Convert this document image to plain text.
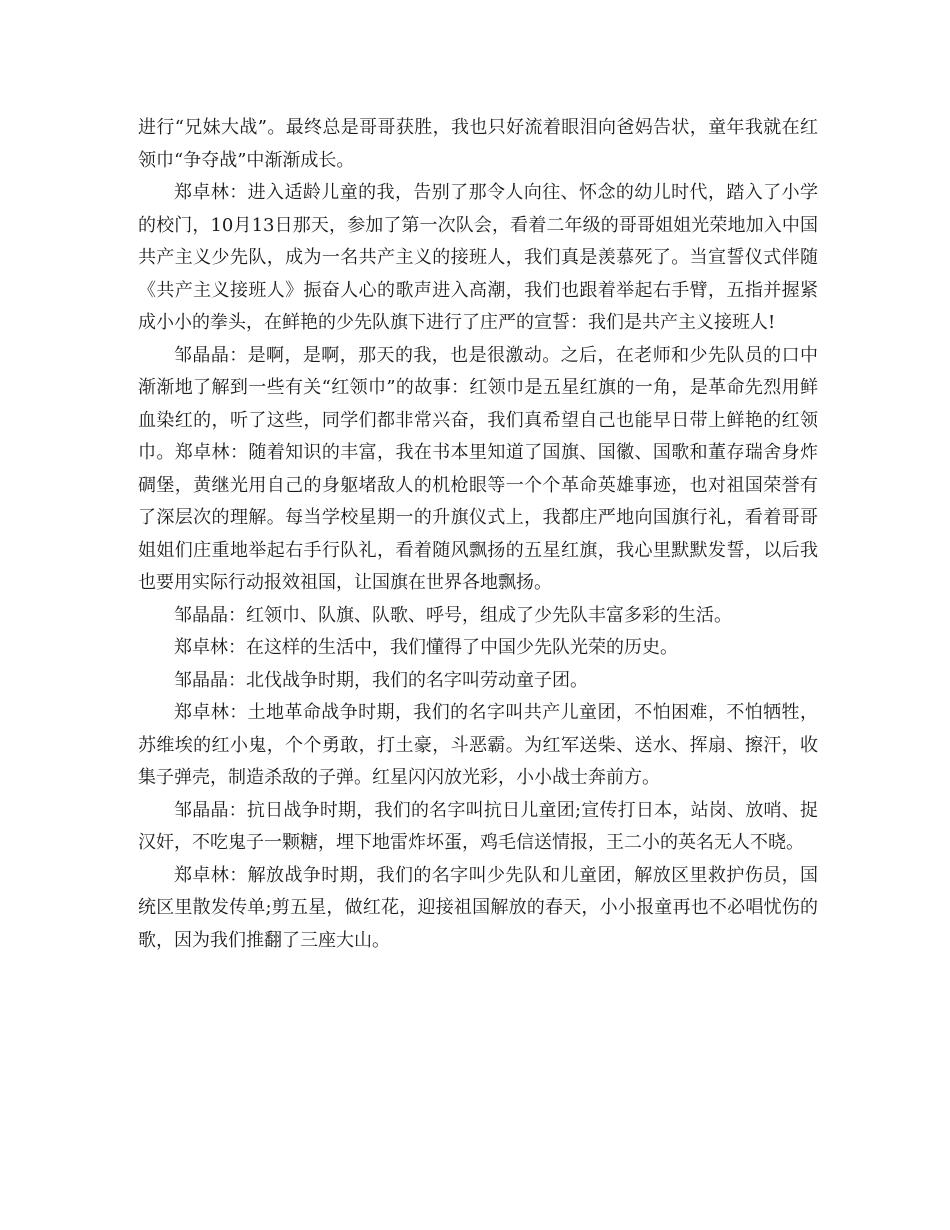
进行“兄妹大战”。最终总是哥哥获胜，我也只好流着眼泪向爸妈告状，童年我就在红领巾“争夺战”中渐渐成长。

郑卓林：进入适龄儿童的我，告别了那令人向往、怀念的幼儿时代，踏入了小学的校门，10月13日那天，参加了第一次队会，看着二年级的哥哥姐姐光荣地加入中国共产主义少先队，成为一名共产主义的接班人，我们真是羡慕死了。当宣誓仪式伴随《共产主义接班人》振奋人心的歌声进入高潮，我们也跟着举起右手臂，五指并握紧成小小的拳头，在鲜艳的少先队旗下进行了庄严的宣誓：我们是共产主义接班人!

邹晶晶：是啊，是啊，那天的我，也是很激动。之后，在老师和少先队员的口中渐渐地了解到一些有关“红领巾”的故事：红领巾是五星红旗的一角，是革命先烈用鲜血染红的，听了这些，同学们都非常兴奋，我们真希望自己也能早日带上鲜艳的红领巾。郑卓林：随着知识的丰富，我在书本里知道了国旗、国徽、国歌和董存瑞舍身炸碉堡，黄继光用自己的身躯堵敌人的机枪眼等一个个革命英雄事迹，也对祖国荣誉有了深层次的理解。每当学校星期一的升旗仪式上，我都庄严地向国旗行礼，看着哥哥姐姐们庄重地举起右手行队礼，看着随风飘扬的五星红旗，我心里默默发誓，以后我也要用实际行动报效祖国，让国旗在世界各地飘扬。

邹晶晶：红领巾、队旗、队歌、呼号，组成了少先队丰富多彩的生活。

郑卓林：在这样的生活中，我们懂得了中国少先队光荣的历史。

邹晶晶：北伐战争时期，我们的名字叫劳动童子团。

郑卓林：土地革命战争时期，我们的名字叫共产儿童团，不怕困难，不怕牺牲，苏维埃的红小鬼，个个勇敢，打土豪，斗恶霸。为红军送柴、送水、挥扇、擦汗，收集子弹壳，制造杀敌的子弹。红星闪闪放光彩，小小战士奔前方。

邹晶晶：抗日战争时期，我们的名字叫抗日儿童团;宣传打日本，站岗、放哨、捉汉奸，不吃鬼子一颗糖，埋下地雷炸坏蛋，鸡毛信送情报，王二小的英名无人不晓。

郑卓林：解放战争时期，我们的名字叫少先队和儿童团，解放区里救护伤员，国统区里散发传单;剪五星，做红花，迎接祖国解放的春天，小小报童再也不必唱忧伤的歌，因为我们推翻了三座大山。
